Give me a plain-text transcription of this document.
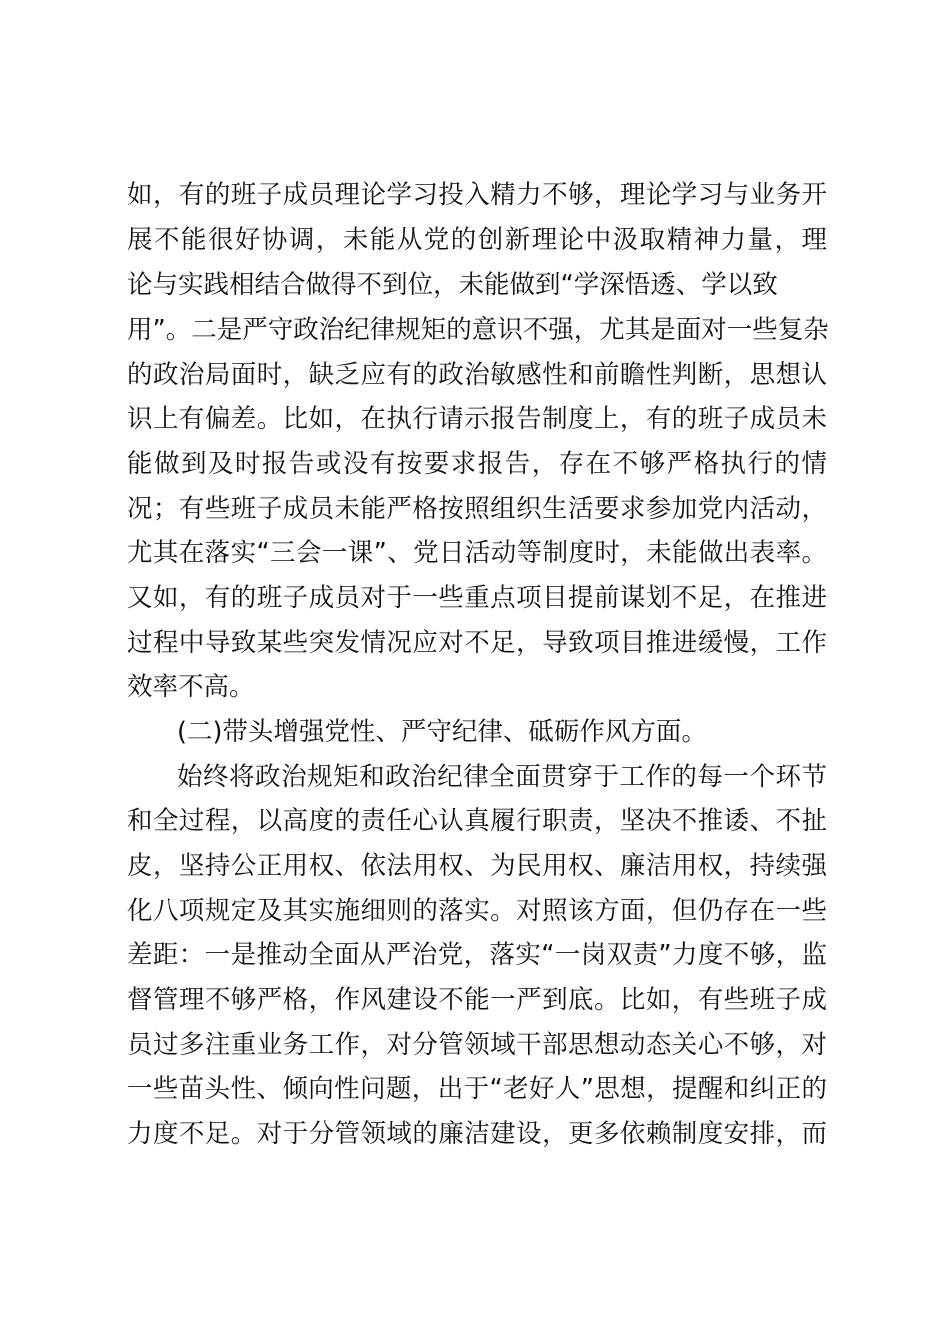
如，有的班子成员理论学习投入精力不够，理论学习与业务开
展不能很好协调，未能从党的创新理论中汲取精神力量，理
论与实践相结合做得不到位，未能做到“学深悟透、学以致
用”。二是严守政治纪律规矩的意识不强，尤其是面对一些复杂
的政治局面时，缺乏应有的政治敏感性和前瞻性判断，思想认
识上有偏差。比如，在执行请示报告制度上，有的班子成员未
能做到及时报告或没有按要求报告，存在不够严格执行的情
况；有些班子成员未能严格按照组织生活要求参加党内活动，
尤其在落实“三会一课”、党日活动等制度时，未能做出表率。
又如，有的班子成员对于一些重点项目提前谋划不足，在推进
过程中导致某些突发情况应对不足，导致项目推进缓慢，工作
效率不高。
(二)带头增强党性、严守纪律、砥砺作风方面。
始终将政治规矩和政治纪律全面贯穿于工作的每一个环节
和全过程，以高度的责任心认真履行职责，坚决不推诿、不扯
皮，坚持公正用权、依法用权、为民用权、廉洁用权，持续强
化八项规定及其实施细则的落实。对照该方面，但仍存在一些
差距：一是推动全面从严治党，落实“一岗双责”力度不够，监
督管理不够严格，作风建设不能一严到底。比如，有些班子成
员过多注重业务工作，对分管领域干部思想动态关心不够，对
一些苗头性、倾向性问题，出于“老好人”思想，提醒和纠正的
力度不足。对于分管领域的廉洁建设，更多依赖制度安排，而
